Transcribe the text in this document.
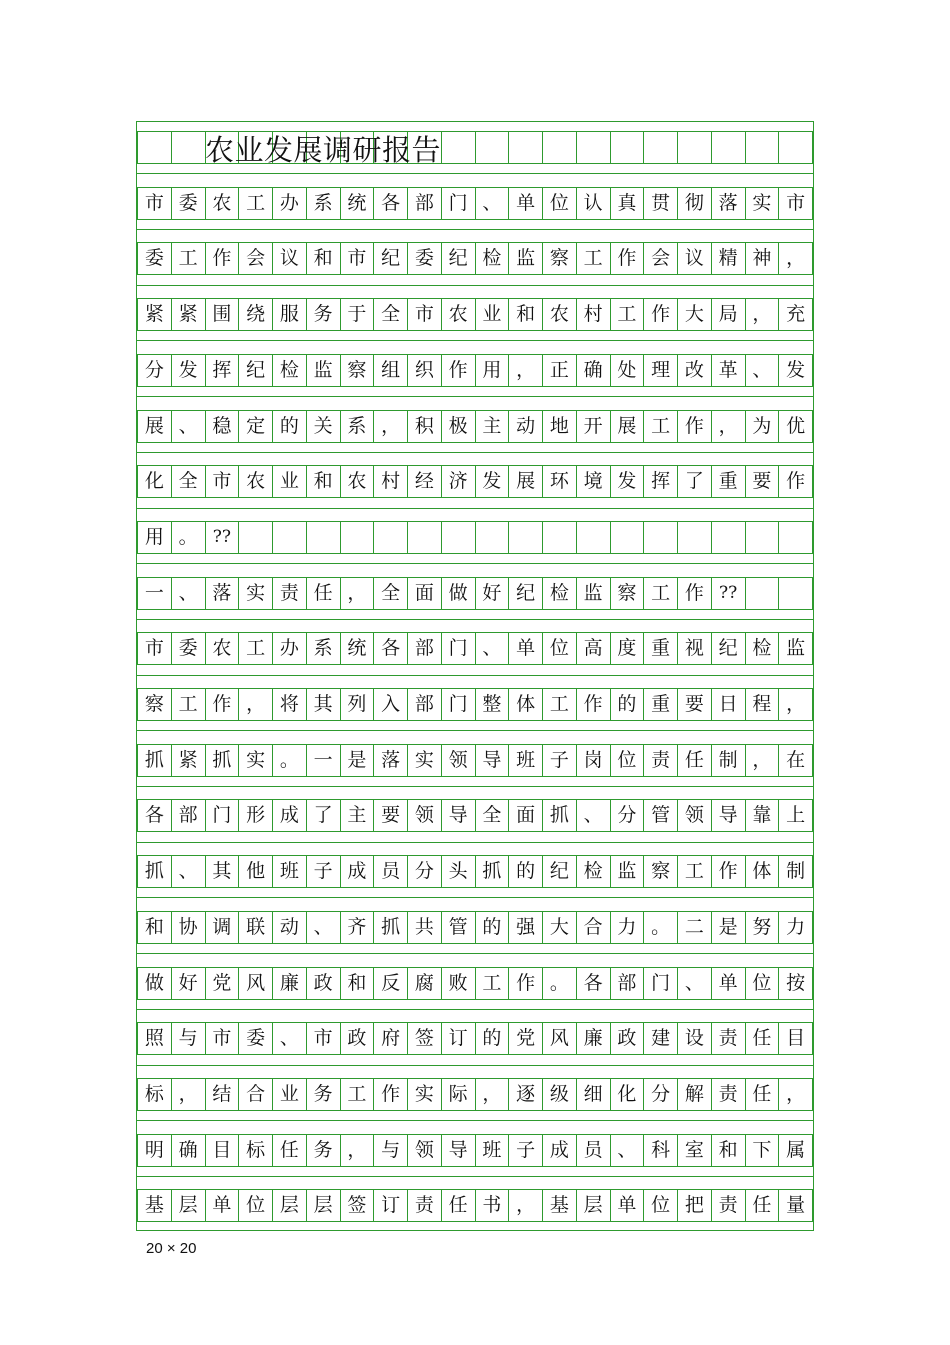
市 委 农 工 办 系 统 各 部 门 、 单 位 认 真 贯 彻 落 实 市
委 工 作 会 议 和 市 纪 委 纪 检 监 察 工 作 会 议 精 神 ，
紧 紧 围 绕 服 务 于 全 市 农 业 和 农 村 工 作 大 局 ， 充
分 发 挥 纪 检 监 察 组 织 作 用 ， 正 确 处 理 改 革 、 发
展 、 稳 定 的 关 系 ， 积 极 主 动 地 开 展 工 作 ， 为 优
化 全 市 农 业 和 农 村 经 济 发 展 环 境 发 挥 了 重 要 作
用 。 ??
一 、 落 实 责 任 ， 全 面 做 好 纪 检 监 察 工 作 ??
市 委 农 工 办 系 统 各 部 门 、 单 位 高 度 重 视 纪 检 监
察 工 作 ， 将 其 列 入 部 门 整 体 工 作 的 重 要 日 程 ，
抓 紧 抓 实 。 一 是 落 实 领 导 班 子 岗 位 责 任 制 ， 在
各 部 门 形 成 了 主 要 领 导 全 面 抓 、 分 管 领 导 靠 上
抓 、 其 他 班 子 成 员 分 头 抓 的 纪 检 监 察 工 作 体 制
和 协 调 联 动 、 齐 抓 共 管 的 强 大 合 力 。 二 是 努 力
做 好 党 风 廉 政 和 反 腐 败 工 作 。 各 部 门 、 单 位 按
照 与 市 委 、 市 政 府 签 订 的 党 风 廉 政 建 设 责 任 目
标 ， 结 合 业 务 工 作 实 际 ， 逐 级 细 化 分 解 责 任 ，
明 确 目 标 任 务 ， 与 领 导 班 子 成 员 、 科 室 和 下 属
基 层 单 位 层 层 签 订 责 任 书 ， 基 层 单 位 把 责 任 量
农业发展调研报告
20 × 20
